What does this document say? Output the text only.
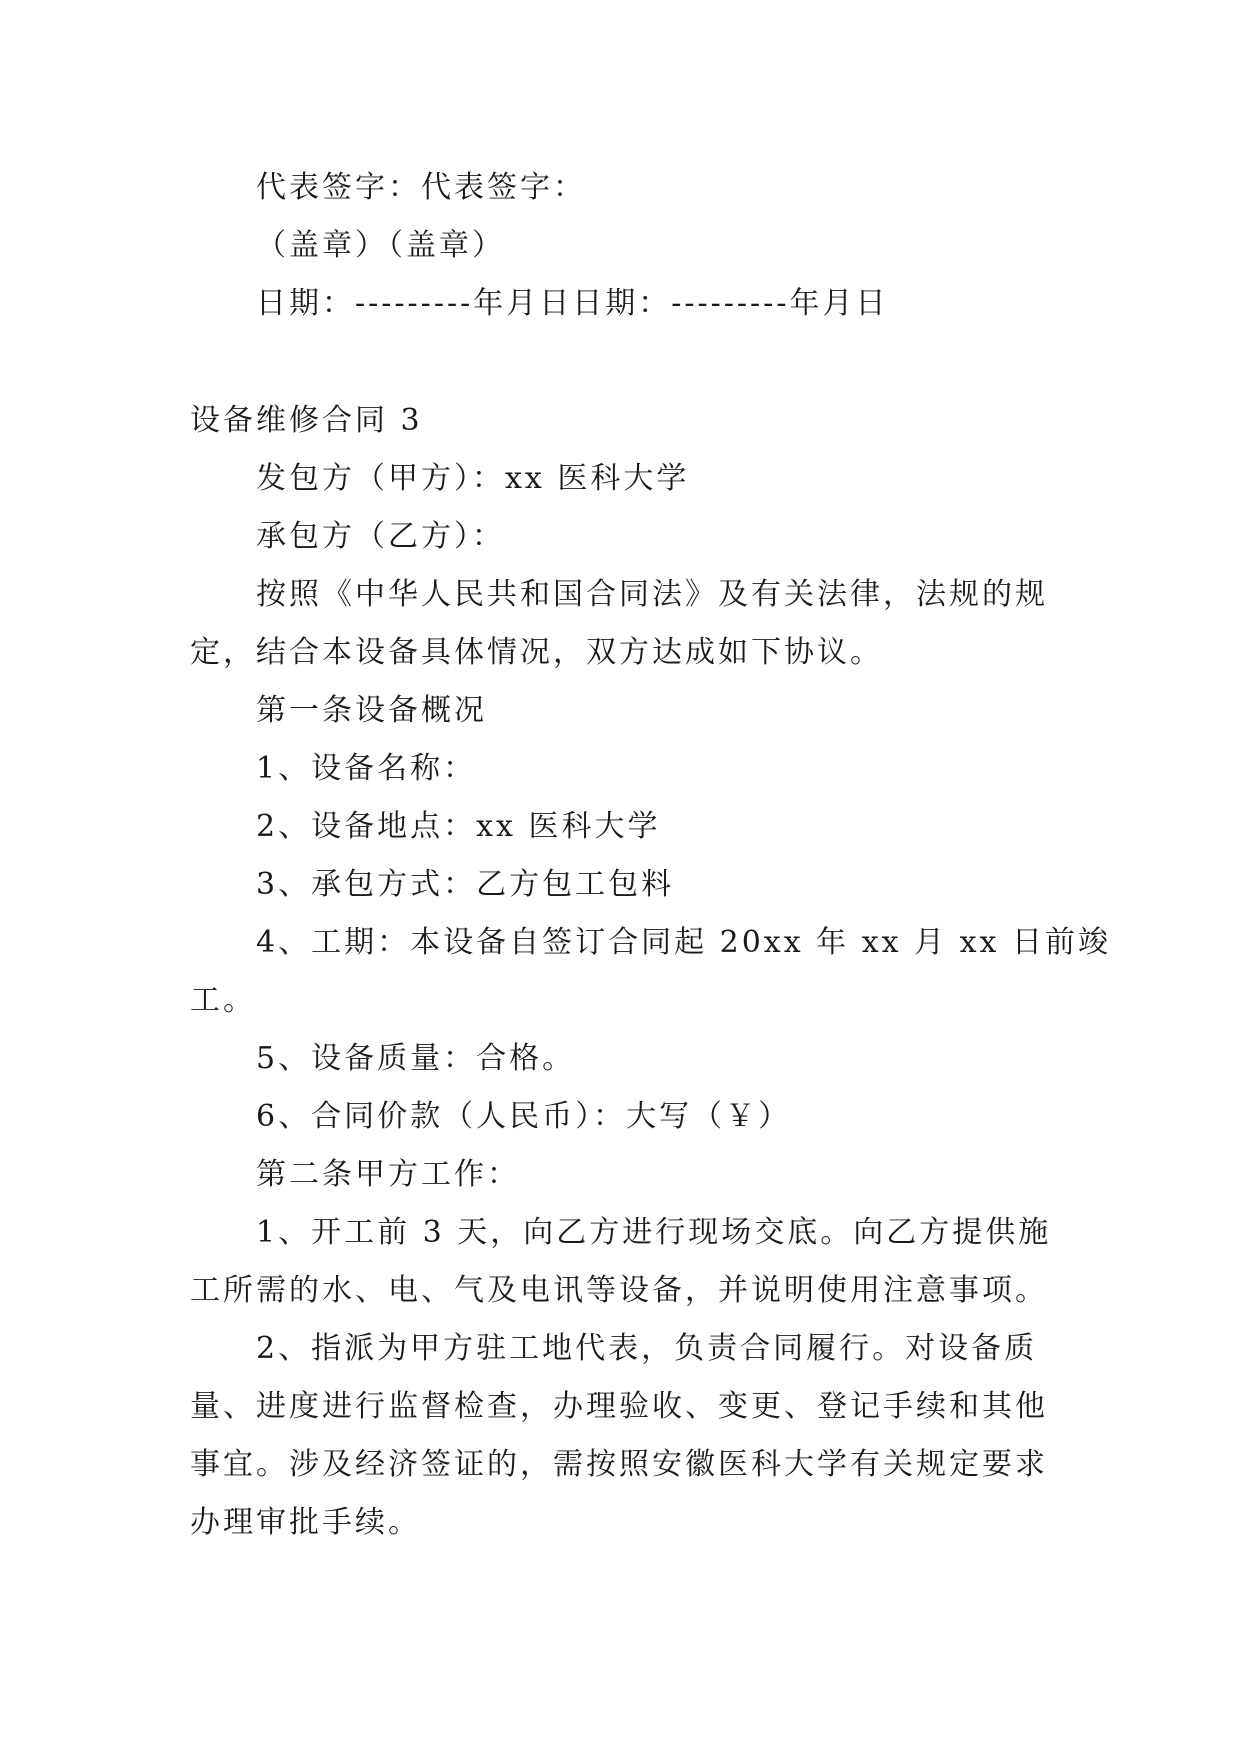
代表签字：代表签字：
（盖章）（盖章）
日期：---------年月日日期：---------年月日
设备维修合同 3
发包方（甲方）：xx 医科大学
承包方（乙方）：
按照《中华人民共和国合同法》及有关法律，法规的规
定，结合本设备具体情况，双方达成如下协议。
第一条设备概况
1、设备名称：
2、设备地点：xx 医科大学
3、承包方式：乙方包工包料
4、工期：本设备自签订合同起 20xx 年 xx 月 xx 日前竣
工。
5、设备质量：合格。
6、合同价款（人民币）：大写（￥）
第二条甲方工作：
1、开工前 3 天，向乙方进行现场交底。向乙方提供施
工所需的水、电、气及电讯等设备，并说明使用注意事项。
2、指派为甲方驻工地代表，负责合同履行。对设备质
量、进度进行监督检查，办理验收、变更、登记手续和其他
事宜。涉及经济签证的，需按照安徽医科大学有关规定要求
办理审批手续。
